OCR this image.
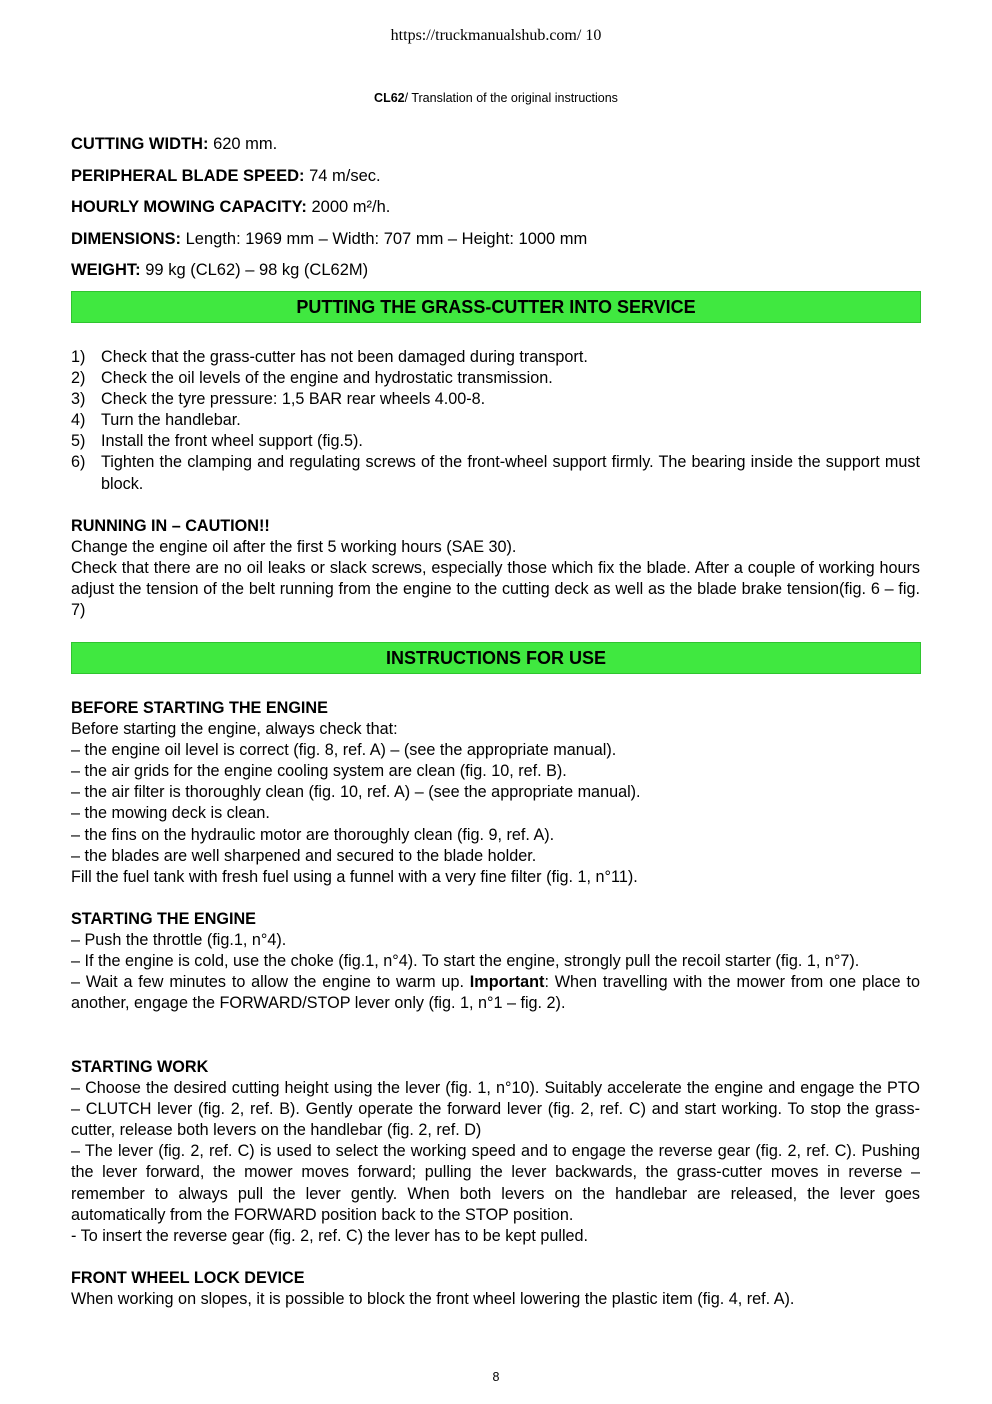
https://truckmanualshub.com/ 10
CL62/ Translation of the original instructions
CUTTING WIDTH: 620 mm.
PERIPHERAL BLADE SPEED: 74 m/sec.
HOURLY MOWING CAPACITY: 2000 m²/h.
DIMENSIONS: Length: 1969 mm – Width: 707 mm – Height: 1000 mm
WEIGHT: 99 kg (CL62) – 98 kg (CL62M)
PUTTING THE GRASS-CUTTER INTO SERVICE
1) Check that the grass-cutter has not been damaged during transport.
2) Check the oil levels of the engine and hydrostatic transmission.
3) Check the tyre pressure: 1,5 BAR rear wheels 4.00-8.
4) Turn the handlebar.
5) Install the front wheel support (fig.5).
6) Tighten the clamping and regulating screws of the front-wheel support firmly. The bearing inside the support must block.

RUNNING IN – CAUTION!!

Change the engine oil after the first 5 working hours (SAE 30).

Check that there are no oil leaks or slack screws, especially those which fix the blade. After a couple of working hours adjust the tension of the belt running from the engine to the cutting deck as well as the blade brake tension(fig. 6 – fig. 7)

INSTRUCTIONS FOR USE

BEFORE STARTING THE ENGINE

Before starting the engine, always check that:

– the engine oil level is correct (fig. 8, ref. A) – (see the appropriate manual).

– the air grids for the engine cooling system are clean (fig. 10, ref. B).

– the air filter is thoroughly clean (fig. 10, ref. A) – (see the appropriate manual).

– the mowing deck is clean.

– the fins on the hydraulic motor are thoroughly clean (fig. 9, ref. A).

– the blades are well sharpened and secured to the blade holder.

Fill the fuel tank with fresh fuel using a funnel with a very fine filter (fig. 1, n°11).

STARTING THE ENGINE

– Push the throttle (fig.1, n°4).

– If the engine is cold, use the choke (fig.1, n°4). To start the engine, strongly pull the recoil starter (fig. 1, n°7).

– Wait a few minutes to allow the engine to warm up. Important: When travelling with the mower from one place to another, engage the FORWARD/STOP lever only (fig. 1, n°1 – fig. 2).

STARTING WORK

– Choose the desired cutting height using the lever (fig. 1, n°10). Suitably accelerate the engine and engage the PTO – CLUTCH lever (fig. 2, ref. B). Gently operate the forward lever (fig. 2, ref. C) and start working. To stop the grass-cutter, release both levers on the handlebar (fig. 2, ref. D)

– The lever (fig. 2, ref. C) is used to select the working speed and to engage the reverse gear (fig. 2, ref. C). Pushing the lever forward, the mower moves forward; pulling the lever backwards, the grass-cutter moves in reverse – remember to always pull the lever gently. When both levers on the handlebar are released, the lever goes automatically from the FORWARD position back to the STOP position.

- To insert the reverse gear (fig. 2, ref. C) the lever has to be kept pulled.

FRONT WHEEL LOCK DEVICE

When working on slopes, it is possible to block the front wheel lowering the plastic item (fig. 4, ref. A).

8
